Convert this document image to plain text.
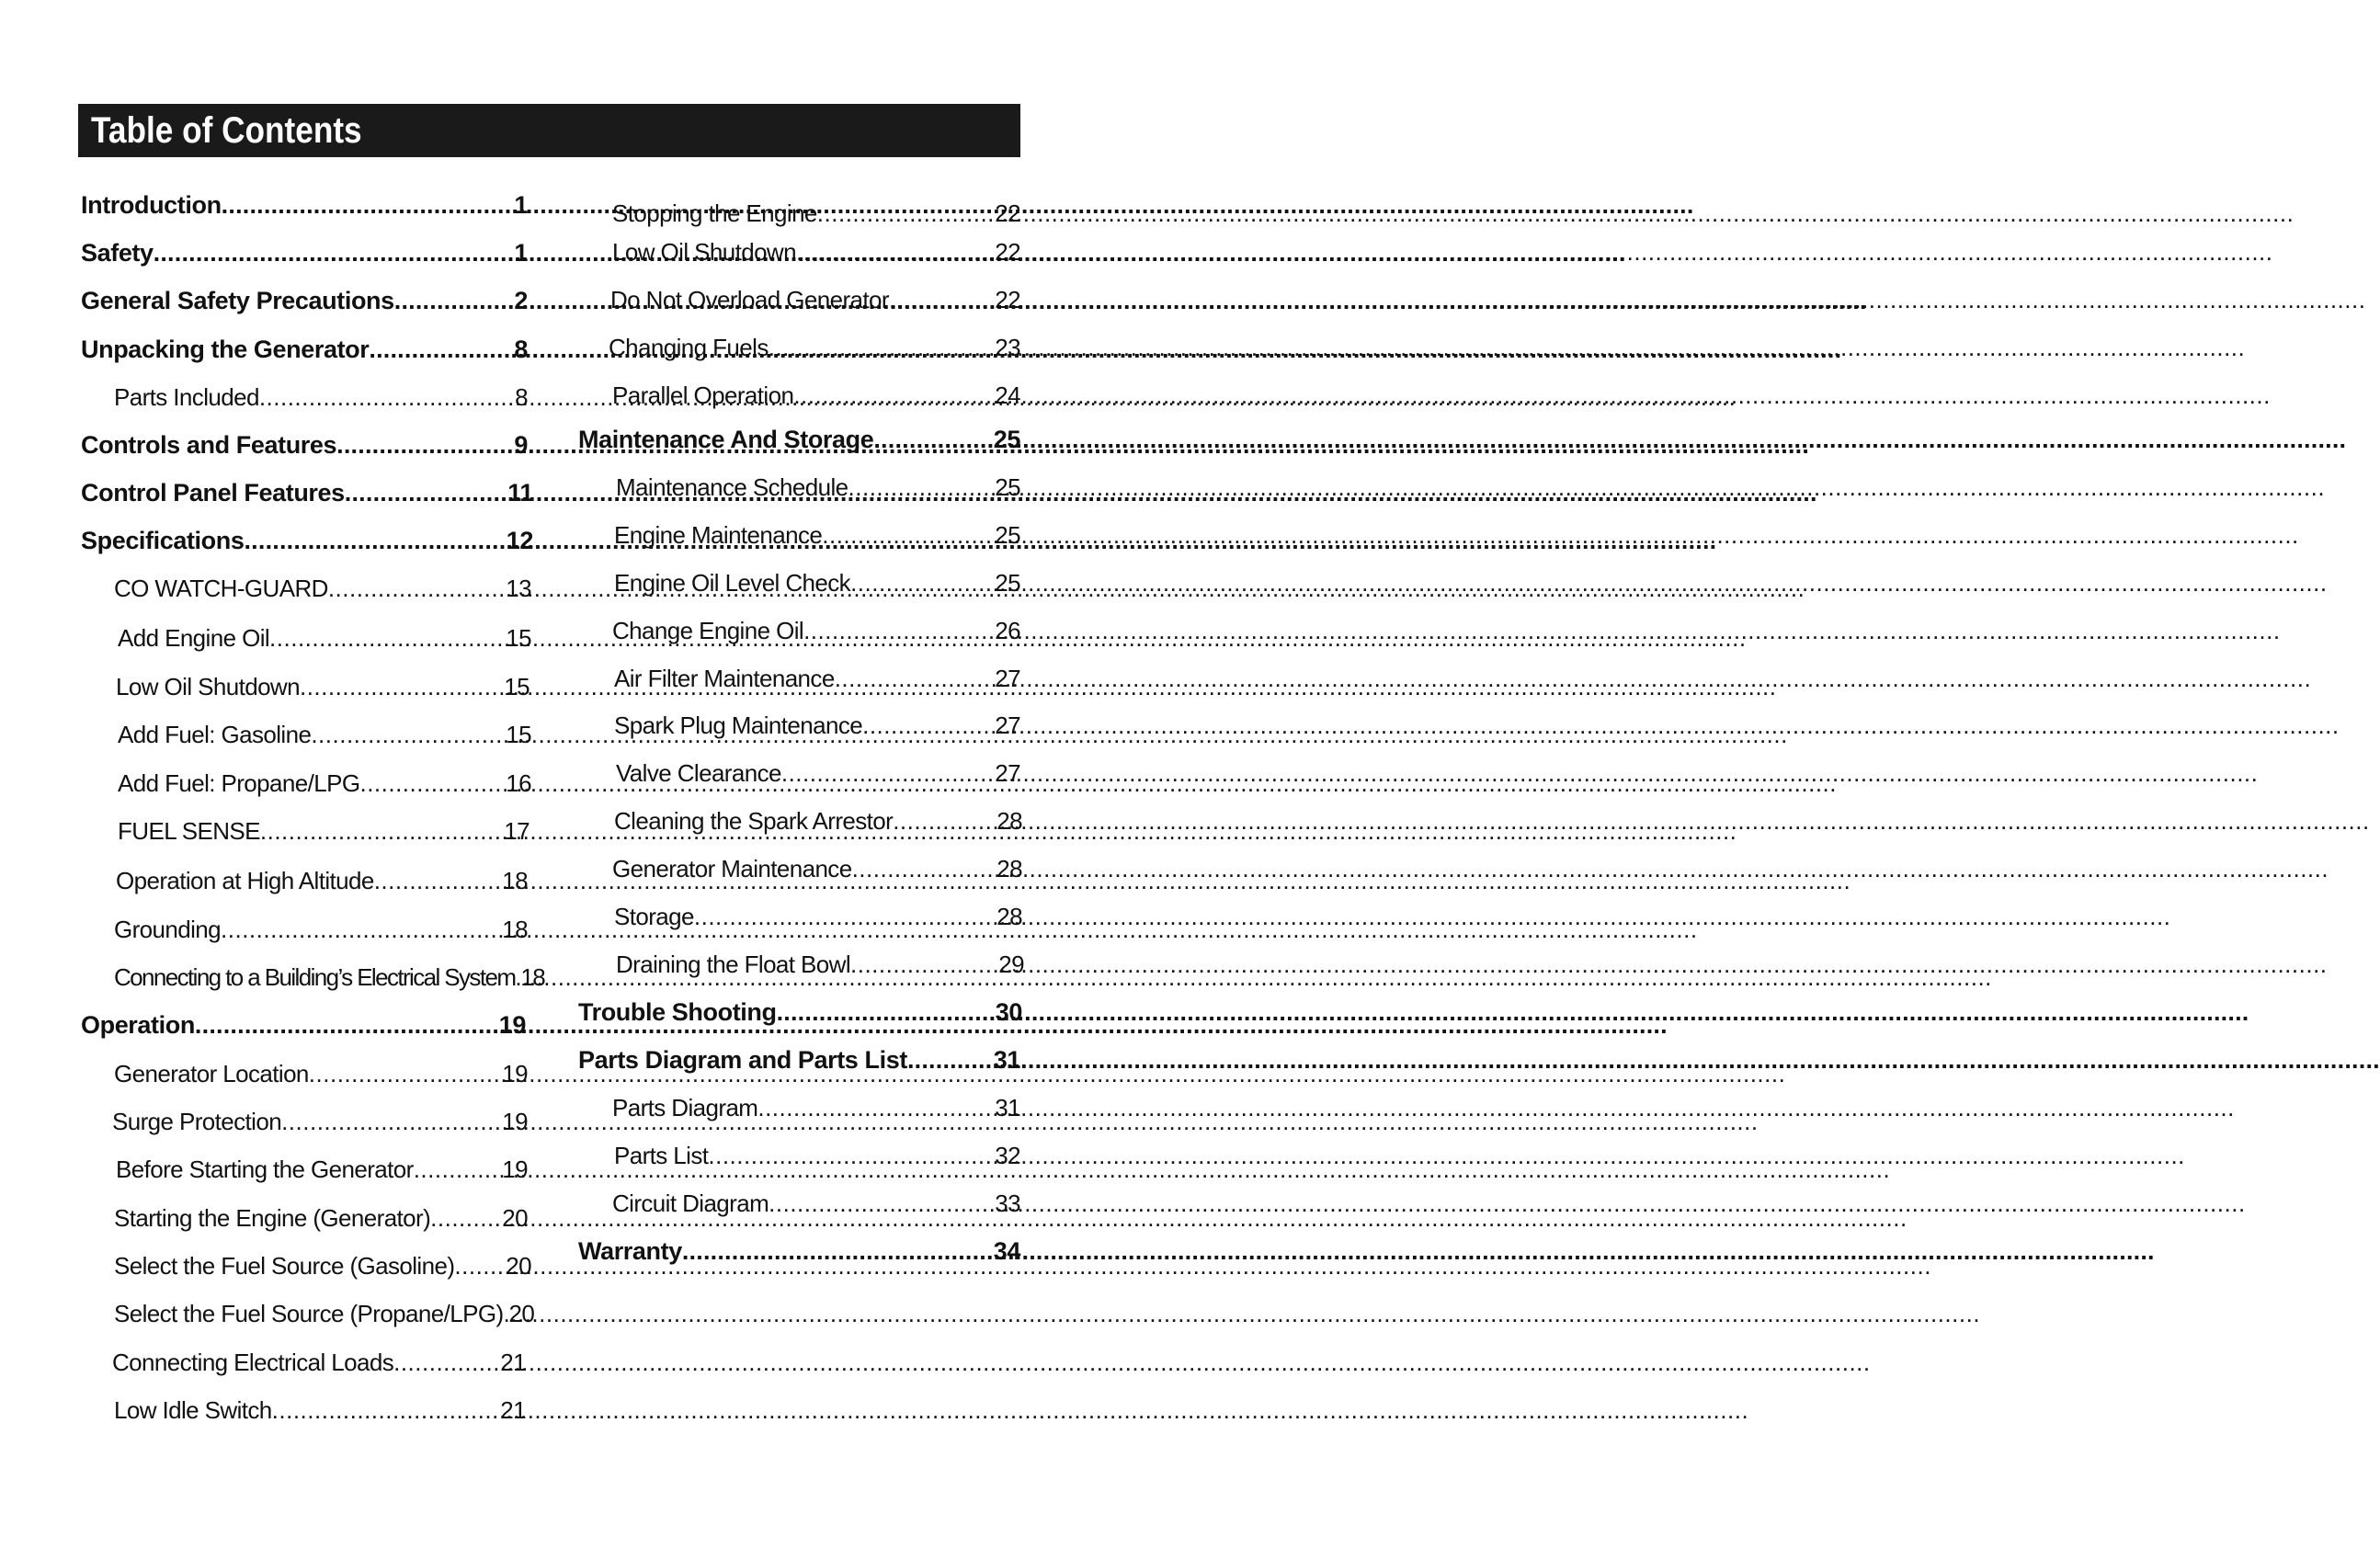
Table of Contents
Introduction .....	1
Safety .....	1
General Safety Precautions .....	2
Unpacking the Generator .....	8
Parts Included .....	8
Controls and Features .....	9
Control Panel Features .....	11
Specifications .....	12
CO WATCH-GUARD .....	13
Add Engine Oil .....	15
Low Oil Shutdown .....	15
Add Fuel: Gasoline .....	15
Add Fuel: Propane/LPG .....	16
FUEL SENSE .....	17
Operation at High Altitude .....	18
Grounding .....	18
Connecting to a Building’s Electrical System ..... 18
Operation .....	19
Generator Location .....	19
Surge Protection .....	19
Before Starting the Generator .....	19
Starting the Engine (Generator) .....	20
Select the Fuel Source (Gasoline) ..... 20
Select the Fuel Source (Propane/LPG) ..... 20
Connecting Electrical Loads .....	21
Low Idle Switch .....	21
Stopping the Engine .....	22
Low Oil Shutdown .....	22
Do Not Overload Generator .....	22
Changing Fuels .....	23
Parallel Operation .....	24
Maintenance And Storage .....	25
Maintenance Schedule .....	25
Engine Maintenance .....	25
Engine Oil Level Check .....	25
Change Engine Oil .....	26
Air Filter Maintenance .....	27
Spark Plug Maintenance .....	27
Valve Clearance .....	27
Cleaning the Spark Arrestor .....	28
Generator Maintenance .....	28
Storage .....	28
Draining the Float Bowl .....	29
Trouble Shooting .....	30
Parts Diagram and Parts List .....	31
Parts Diagram .....	31
Parts List .....	32
Circuit Diagram .....	33
Warranty .....	34
